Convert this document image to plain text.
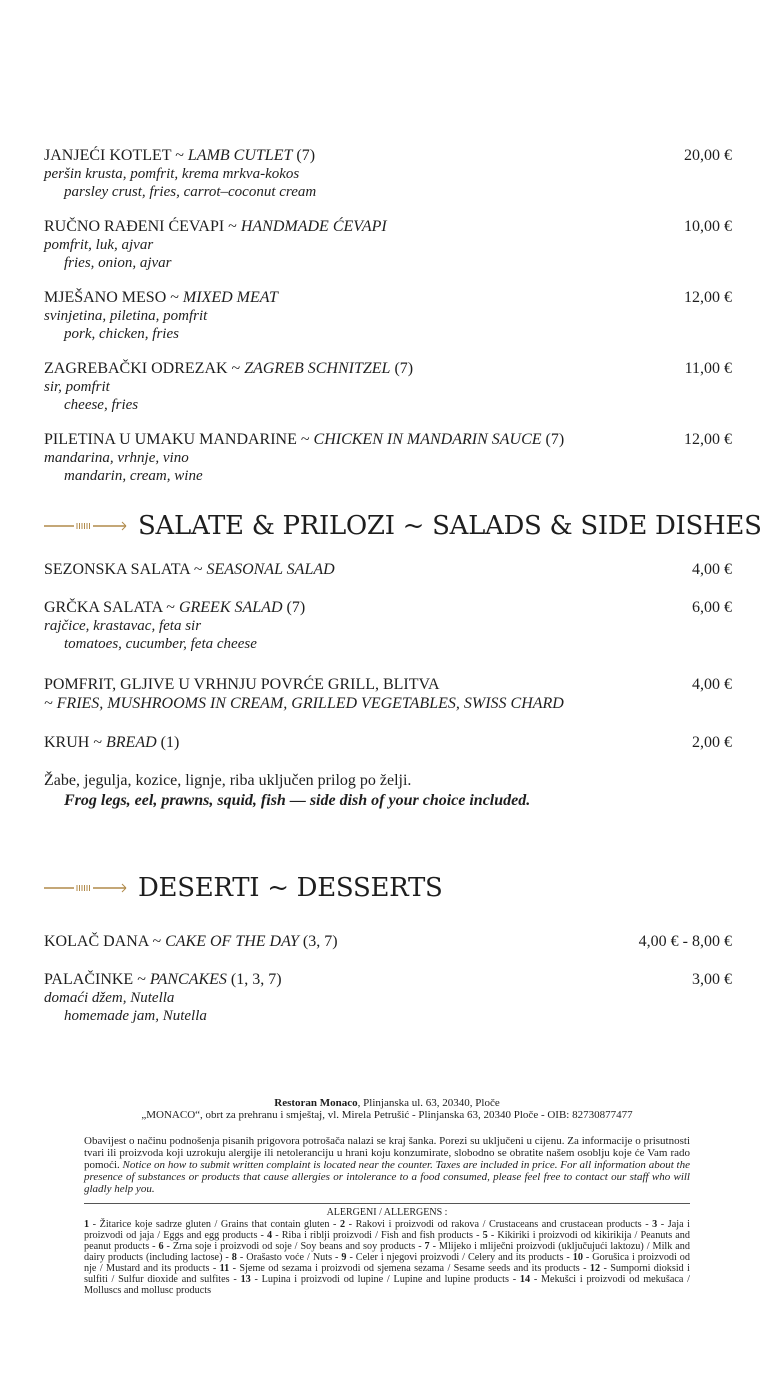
JANJEĆI KOTLET ~ LAMB CUTLET (7)	20,00 €
peršin krusta, pomfrit, krema mrkva-kokos
parsley crust, fries, carrot–coconut cream
RUČNO RAĐENI ĆEVAPI ~ HANDMADE ĆEVAPI	10,00 €
pomfrit, luk, ajvar
fries, onion, ajvar
MJEŠANO MESO ~ MIXED MEAT	12,00 €
svinjetina, piletina, pomfrit
pork, chicken, fries
ZAGREBAČKI ODREZAK ~ ZAGREB SCHNITZEL (7)	11,00 €
sir, pomfrit
cheese, fries
PILETINA U UMAKU MANDARINE ~ CHICKEN IN MANDARIN SAUCE (7)	12,00 €
mandarina, vrhnje, vino
mandarin, cream, wine
SALATE & PRILOZI ~ SALADS & SIDE DISHES
SEZONSKA SALATA ~ SEASONAL SALAD	4,00 €
GRČKA SALATA ~ GREEK SALAD (7)	6,00 €
rajčice, krastavac, feta sir
tomatoes, cucumber, feta cheese
POMFRIT, GLJIVE U VRHNJU POVRĆE GRILL, BLITVA
~ FRIES, MUSHROOMS IN CREAM, GRILLED VEGETABLES, SWISS CHARD
4,00 €
KRUH ~ BREAD (1)	2,00 €
Žabe, jegulja, kozice, lignje, riba uključen prilog po želji.
Frog legs, eel, prawns, squid, fish — side dish of your choice included.
DESERTI ~ DESSERTS
KOLAČ DANA ~ CAKE OF THE DAY (3, 7)	4,00 € - 8,00 €
PALAČINKE ~ PANCAKES (1, 3, 7)	3,00 €
domaći džem, Nutella
homemade jam, Nutella
Restoran Monaco, Plinjanska ul. 63, 20340, Ploče
„MONACO“, obrt za prehranu i smještaj, vl. Mirela Petrušić - Plinjanska 63, 20340 Ploče - OIB: 82730877477
Obavijest o načinu podnošenja pisanih prigovora potrošača nalazi se kraj šanka. Porezi su uključeni u cijenu. Za informacije o prisutnosti tvari ili proizvoda koji uzrokuju alergije ili netoleranciju u hrani koju konzumirate, slobodno se obratite našem osoblju koje će Vam rado pomoći. Notice on how to submit written complaint is located near the counter. Taxes are included in price. For all information about the presence of substances or products that cause allergies or intolerance to a food consumed, please feel free to contact our staff who will gladly help you.
ALERGENI / ALLERGENS :
1 - Žitarice koje sadrze gluten / Grains that contain gluten - 2 - Rakovi i proizvodi od rakova / Crustaceans and crustacean products - 3 - Jaja i proizvodi od jaja / Eggs and egg products - 4 - Riba i riblji proizvodi / Fish and fish products - 5 - Kikiriki i proizvodi od kikirikija / Peanuts and peanut products - 6 - Zrna soje i proizvodi od soje / Soy beans and soy products - 7 - Mlijeko i mliječni proizvodi (uključujući laktozu) / Milk and dairy products (including lactose) - 8 - Orašasto voće / Nuts - 9 - Celer i njegovi proizvodi / Celery and its products - 10 - Gorušica i proizvodi od nje / Mustard and its products - 11 - Sjeme od sezama i proizvodi od sjemena sezama / Sesame seeds and its products - 12 - Sumporni dioksid i sulfiti / Sulfur dioxide and sulfites - 13 - Lupina i proizvodi od lupine / Lupine and lupine products - 14 - Mekušci i proizvodi od mekušaca / Molluscs and mollusc products
